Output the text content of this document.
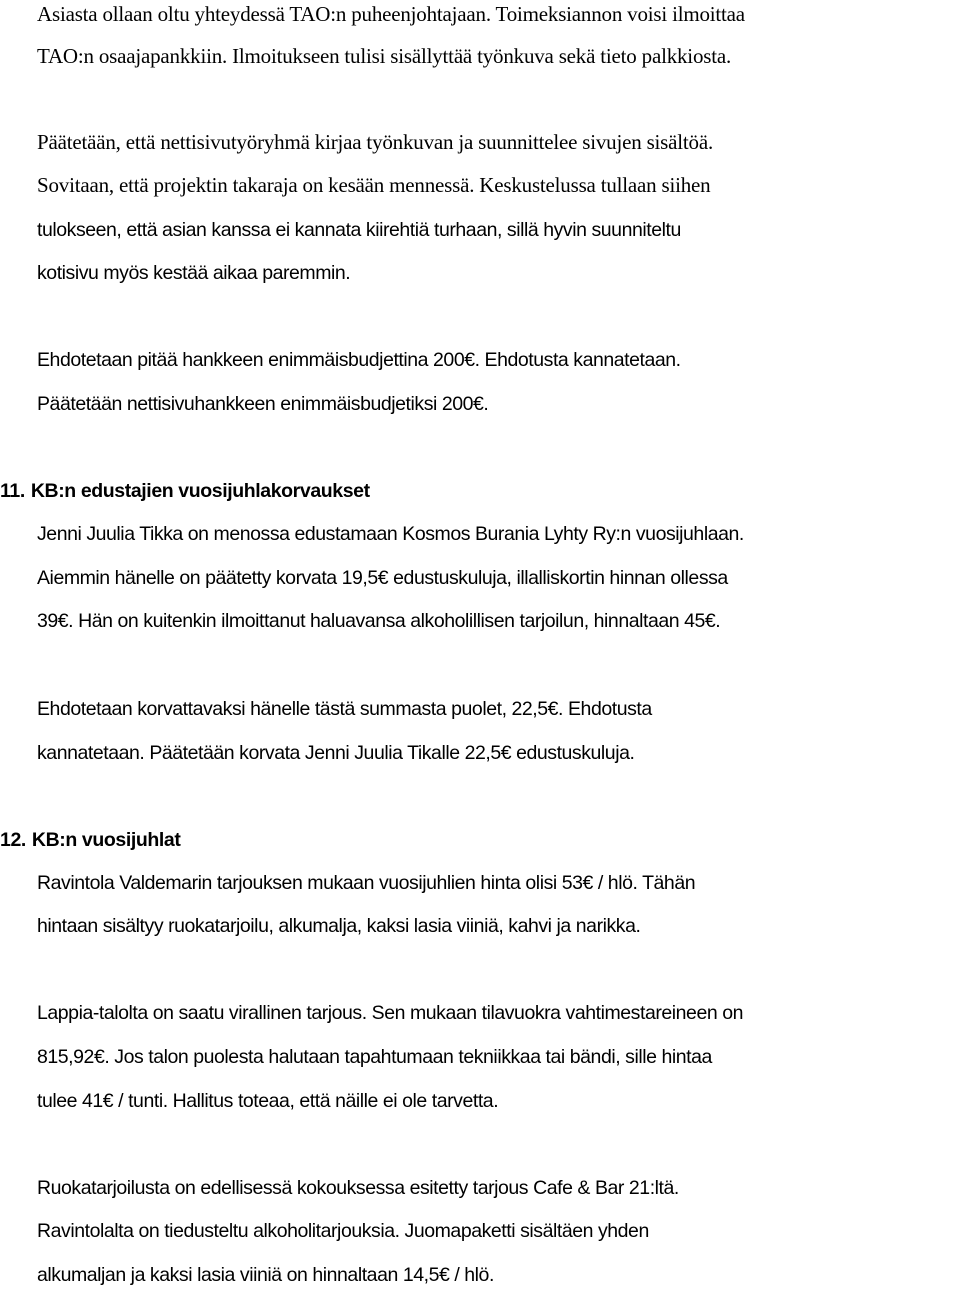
Asiasta ollaan oltu yhteydessä TAO:n puheenjohtajaan. Toimeksiannon voisi ilmoittaa
TAO:n osaajapankkiin. Ilmoitukseen tulisi sisällyttää työnkuva sekä tieto palkkiosta.
Päätetään, että nettisivutyöryhmä kirjaa työnkuvan ja suunnittelee sivujen sisältöä.
Sovitaan, että projektin takaraja on kesään mennessä. Keskustelussa tullaan siihen
tulokseen, että asian kanssa ei kannata kiirehtiä turhaan, sillä hyvin suunniteltu
kotisivu myös kestää aikaa paremmin.
Ehdotetaan pitää hankkeen enimmäisbudjettina 200€. Ehdotusta kannatetaan.
Päätetään nettisivuhankkeen enimmäisbudjetiksi 200€.
11. KB:n edustajien vuosijuhlakorvaukset
Jenni Juulia Tikka on menossa edustamaan Kosmos Burania Lyhty Ry:n vuosijuhlaan.
Aiemmin hänelle on päätetty korvata 19,5€ edustuskuluja, illalliskortin hinnan ollessa
39€. Hän on kuitenkin ilmoittanut haluavansa alkoholillisen tarjoilun, hinnaltaan 45€.
Ehdotetaan korvattavaksi hänelle tästä summasta puolet, 22,5€. Ehdotusta
kannatetaan. Päätetään korvata Jenni Juulia Tikalle 22,5€ edustuskuluja.
12. KB:n vuosijuhlat
Ravintola Valdemarin tarjouksen mukaan vuosijuhlien hinta olisi 53€ / hlö. Tähän
hintaan sisältyy ruokatarjoilu, alkumalja, kaksi lasia viiniä, kahvi ja narikka.
Lappia-talolta on saatu virallinen tarjous. Sen mukaan tilavuokra vahtimestareineen on
815,92€. Jos talon puolesta halutaan tapahtumaan tekniikkaa tai bändi, sille hintaa
tulee 41€ / tunti. Hallitus toteaa, että näille ei ole tarvetta.
Ruokatarjoilusta on edellisessä kokouksessa esitetty tarjous Cafe & Bar 21:ltä.
Ravintolalta on tiedusteltu alkoholitarjouksia. Juomapaketti sisältäen yhden
alkumaljan ja kaksi lasia viiniä on hinnaltaan 14,5€ / hlö.
